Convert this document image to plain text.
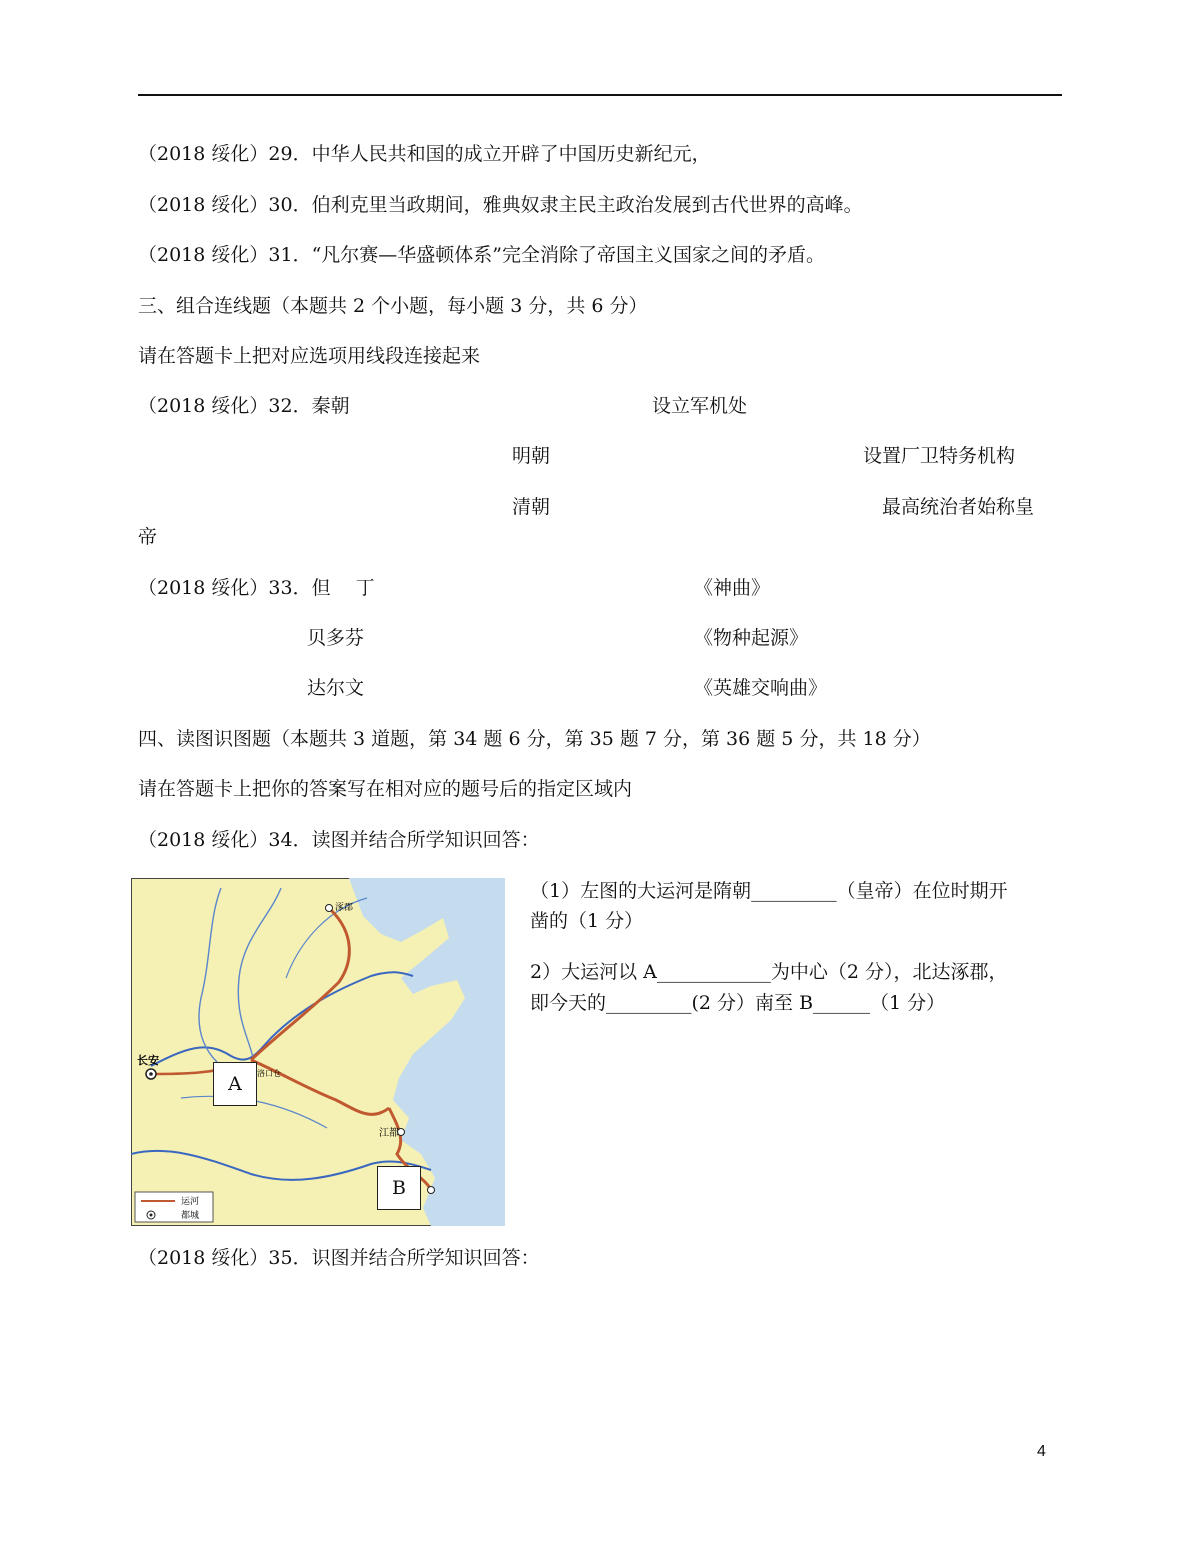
（2018 绥化）29．中华人民共和国的成立开辟了中国历史新纪元，
（2018 绥化）30．伯利克里当政期间，雅典奴隶主民主政治发展到古代世界的高峰。
（2018 绥化）31．“凡尔赛—华盛顿体系”完全消除了帝国主义国家之间的矛盾。
三、组合连线题（本题共 2 个小题，每小题 3 分，共 6 分）
请在答题卡上把对应选项用线段连接起来
（2018 绥化）32．秦朝	设立军机处
明朝	设置厂卫特务机构
清朝	最高统治者始称皇
帝
（2018 绥化）33．但　 丁	《神曲》
贝多芬	《物种起源》
达尔文	《英雄交响曲》
四、读图识图题（本题共 3 道题，第 34 题 6 分，第 35 题 7 分，第 36 题 5 分，共 18 分）
请在答题卡上把你的答案写在相对应的题号后的指定区域内
（2018 绥化）34．读图并结合所学知识回答：
长安
涿郡
江都
洛口仓
运河
都城
A
B
（1）左图的大运河是隋朝_________（皇帝）在位时期开
凿的（1 分）
2）大运河以 A____________为中心（2 分），北达涿郡，
即今天的_________(2 分）南至 B______（1 分）
（2018 绥化）35．识图并结合所学知识回答：
4
